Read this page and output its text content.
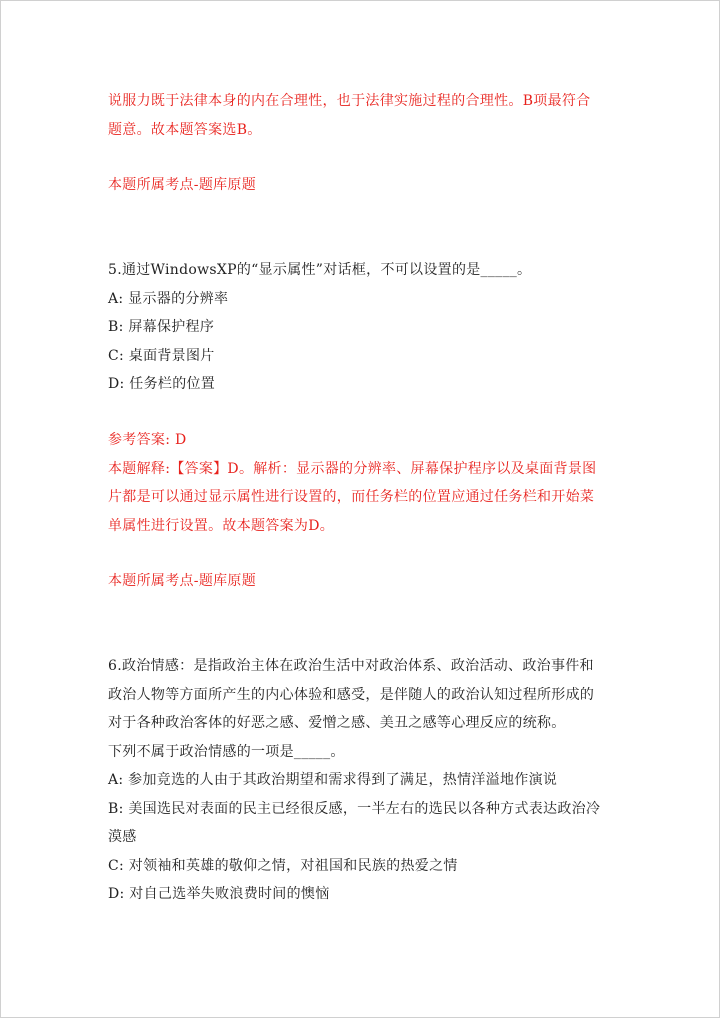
说服力既于法律本身的内在合理性，也于法律实施过程的合理性。B项最符合
题意。故本题答案选B。
本题所属考点-题库原题
5.通过WindowsXP的“显示属性”对话框，不可以设置的是_____。
A: 显示器的分辨率
B: 屏幕保护程序
C: 桌面背景图片
D: 任务栏的位置
参考答案: D
本题解释:【答案】D。解析：显示器的分辨率、屏幕保护程序以及桌面背景图
片都是可以通过显示属性进行设置的，而任务栏的位置应通过任务栏和开始菜
单属性进行设置。故本题答案为D。
本题所属考点-题库原题
6.政治情感：是指政治主体在政治生活中对政治体系、政治活动、政治事件和
政治人物等方面所产生的内心体验和感受，是伴随人的政治认知过程所形成的
对于各种政治客体的好恶之感、爱憎之感、美丑之感等心理反应的统称。
下列不属于政治情感的一项是_____。
A: 参加竞选的人由于其政治期望和需求得到了满足，热情洋溢地作演说
B: 美国选民对表面的民主已经很反感，一半左右的选民以各种方式表达政治冷
漠感
C: 对领袖和英雄的敬仰之情，对祖国和民族的热爱之情
D: 对自己选举失败浪费时间的懊恼
